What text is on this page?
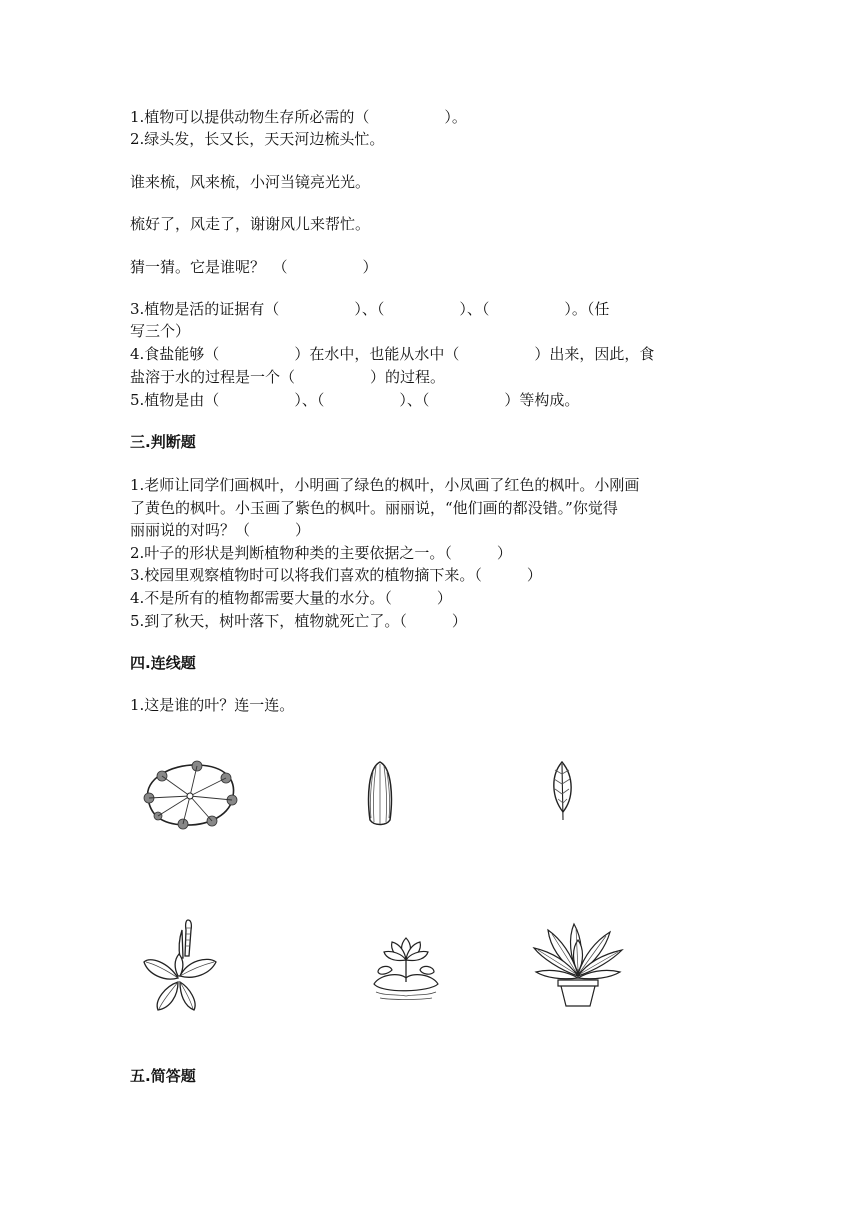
1.植物可以提供动物生存所必需的（　　　　　）。
2.绿头发，长又长，天天河边梳头忙。
谁来梳，风来梳，小河当镜亮光光。
梳好了，风走了，谢谢风儿来帮忙。
猜一猜。它是谁呢？　（　　　　　）
3.植物是活的证据有（　　　　　）、（　　　　　）、（　　　　　）。（任
写三个）
4.食盐能够（　　　　　）在水中，也能从水中（　　　　　）出来，因此，食
盐溶于水的过程是一个（　　　　　）的过程。
5.植物是由（　　　　　）、（　　　　　）、（　　　　　）等构成。
三.判断题
1.老师让同学们画枫叶，小明画了绿色的枫叶，小凤画了红色的枫叶。小刚画
了黄色的枫叶。小玉画了紫色的枫叶。丽丽说，“他们画的都没错。”你觉得
丽丽说的对吗？（　　　）
2.叶子的形状是判断植物种类的主要依据之一。（　　　）
3.校园里观察植物时可以将我们喜欢的植物摘下来。（　　　）
4.不是所有的植物都需要大量的水分。（　　　）
5.到了秋天，树叶落下，植物就死亡了。（　　　）
四.连线题
1.这是谁的叶？连一连。
五.简答题
